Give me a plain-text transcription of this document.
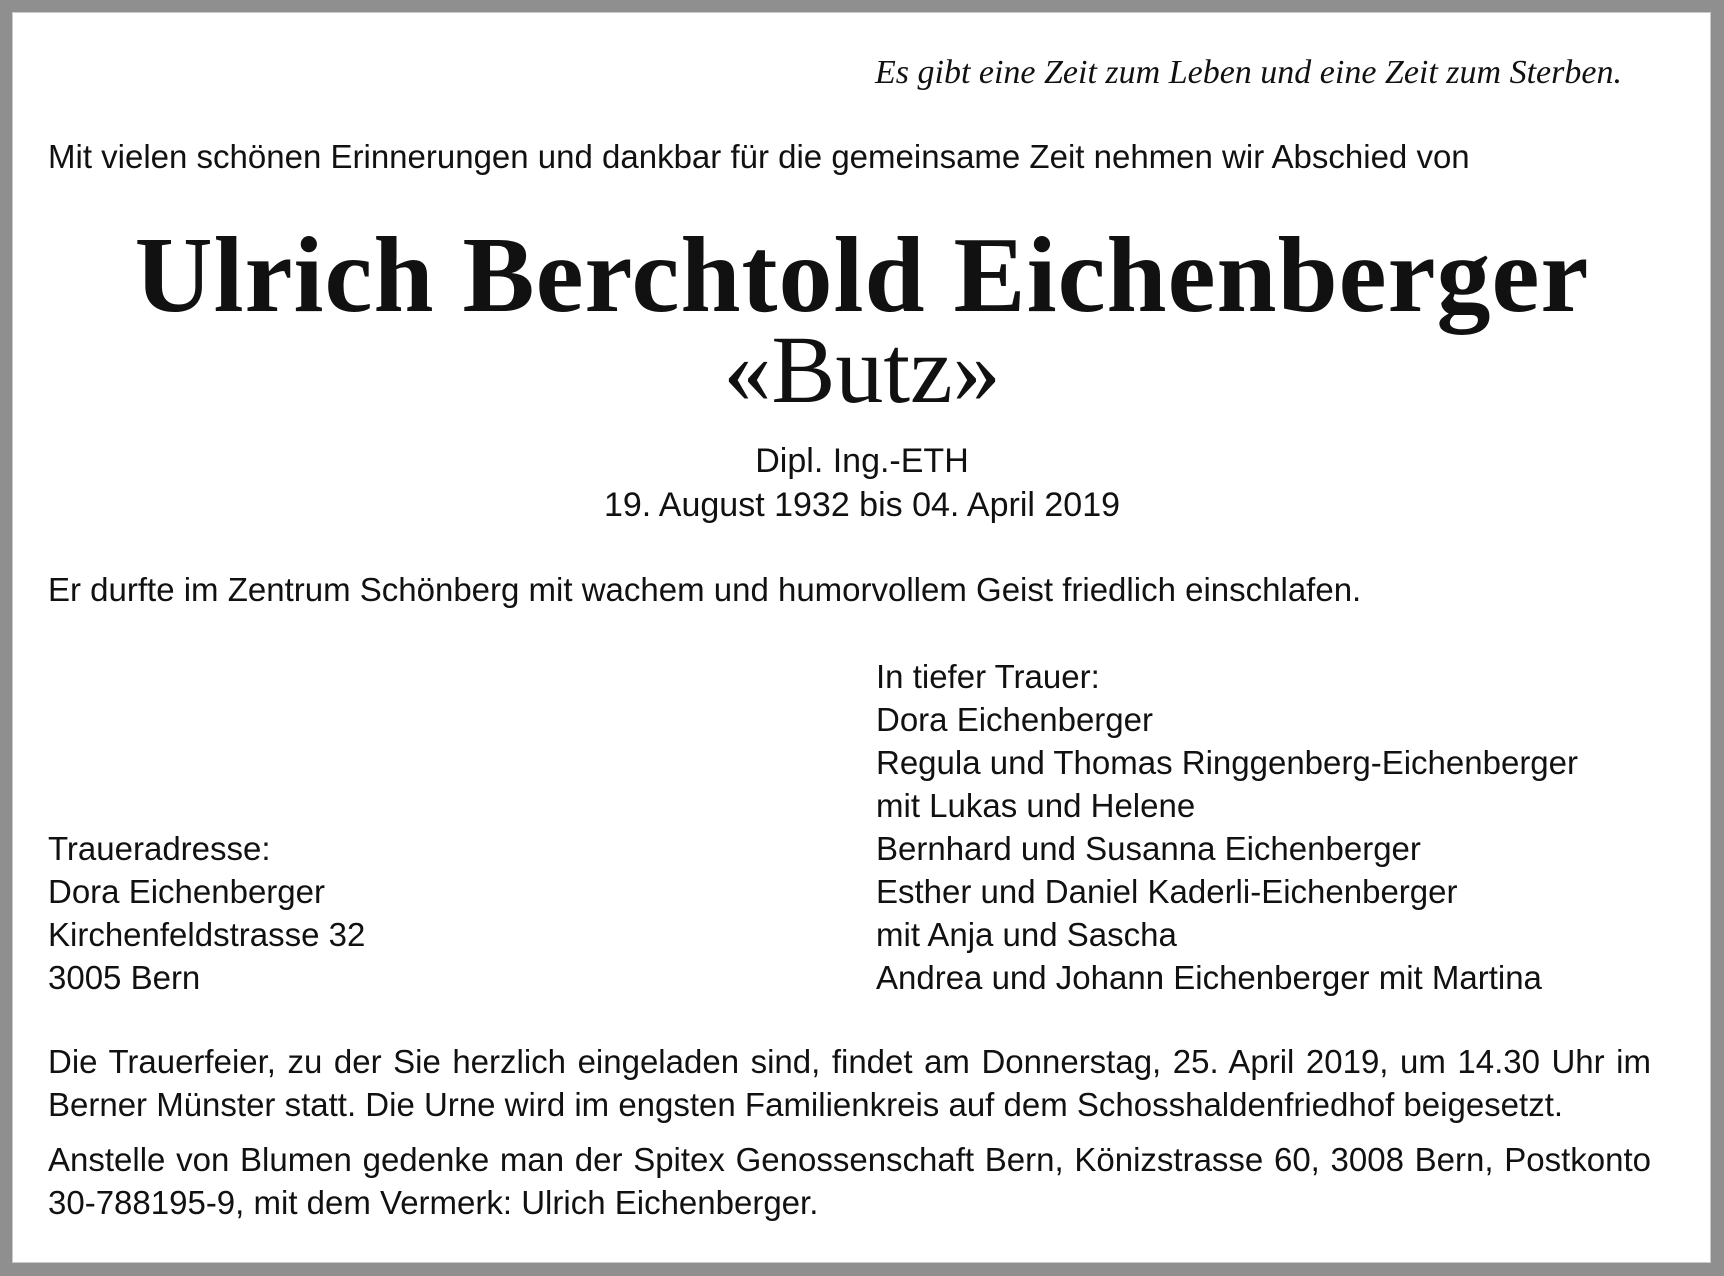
Es gibt eine Zeit zum Leben und eine Zeit zum Sterben.

Mit vielen schönen Erinnerungen und dankbar für die gemeinsame Zeit nehmen wir Abschied von

Ulrich Berchtold Eichenberger
«Butz»

Dipl. Ing.-ETH

19. August 1932 bis 04. April 2019

Er durfte im Zentrum Schönberg mit wachem und humorvollem Geist friedlich einschlafen.

In tiefer Trauer:
Dora Eichenberger
Regula und Thomas Ringgenberg-Eichenberger
mit Lukas und Helene
Bernhard und Susanna Eichenberger
Esther und Daniel Kaderli-Eichenberger
mit Anja und Sascha
Andrea und Johann Eichenberger mit Martina
Traueradresse:
Dora Eichenberger
Kirchenfeldstrasse 32
3005 Bern

Die Trauerfeier, zu der Sie herzlich eingeladen sind, findet am Donnerstag, 25. April 2019, um 14.30 Uhr im Berner Münster statt. Die Urne wird im engsten Familienkreis auf dem Schosshaldenfriedhof beigesetzt.

Anstelle von Blumen gedenke man der Spitex Genossenschaft Bern, Könizstrasse 60, 3008 Bern, Postkonto 30-788195-9, mit dem Vermerk: Ulrich Eichenberger.
